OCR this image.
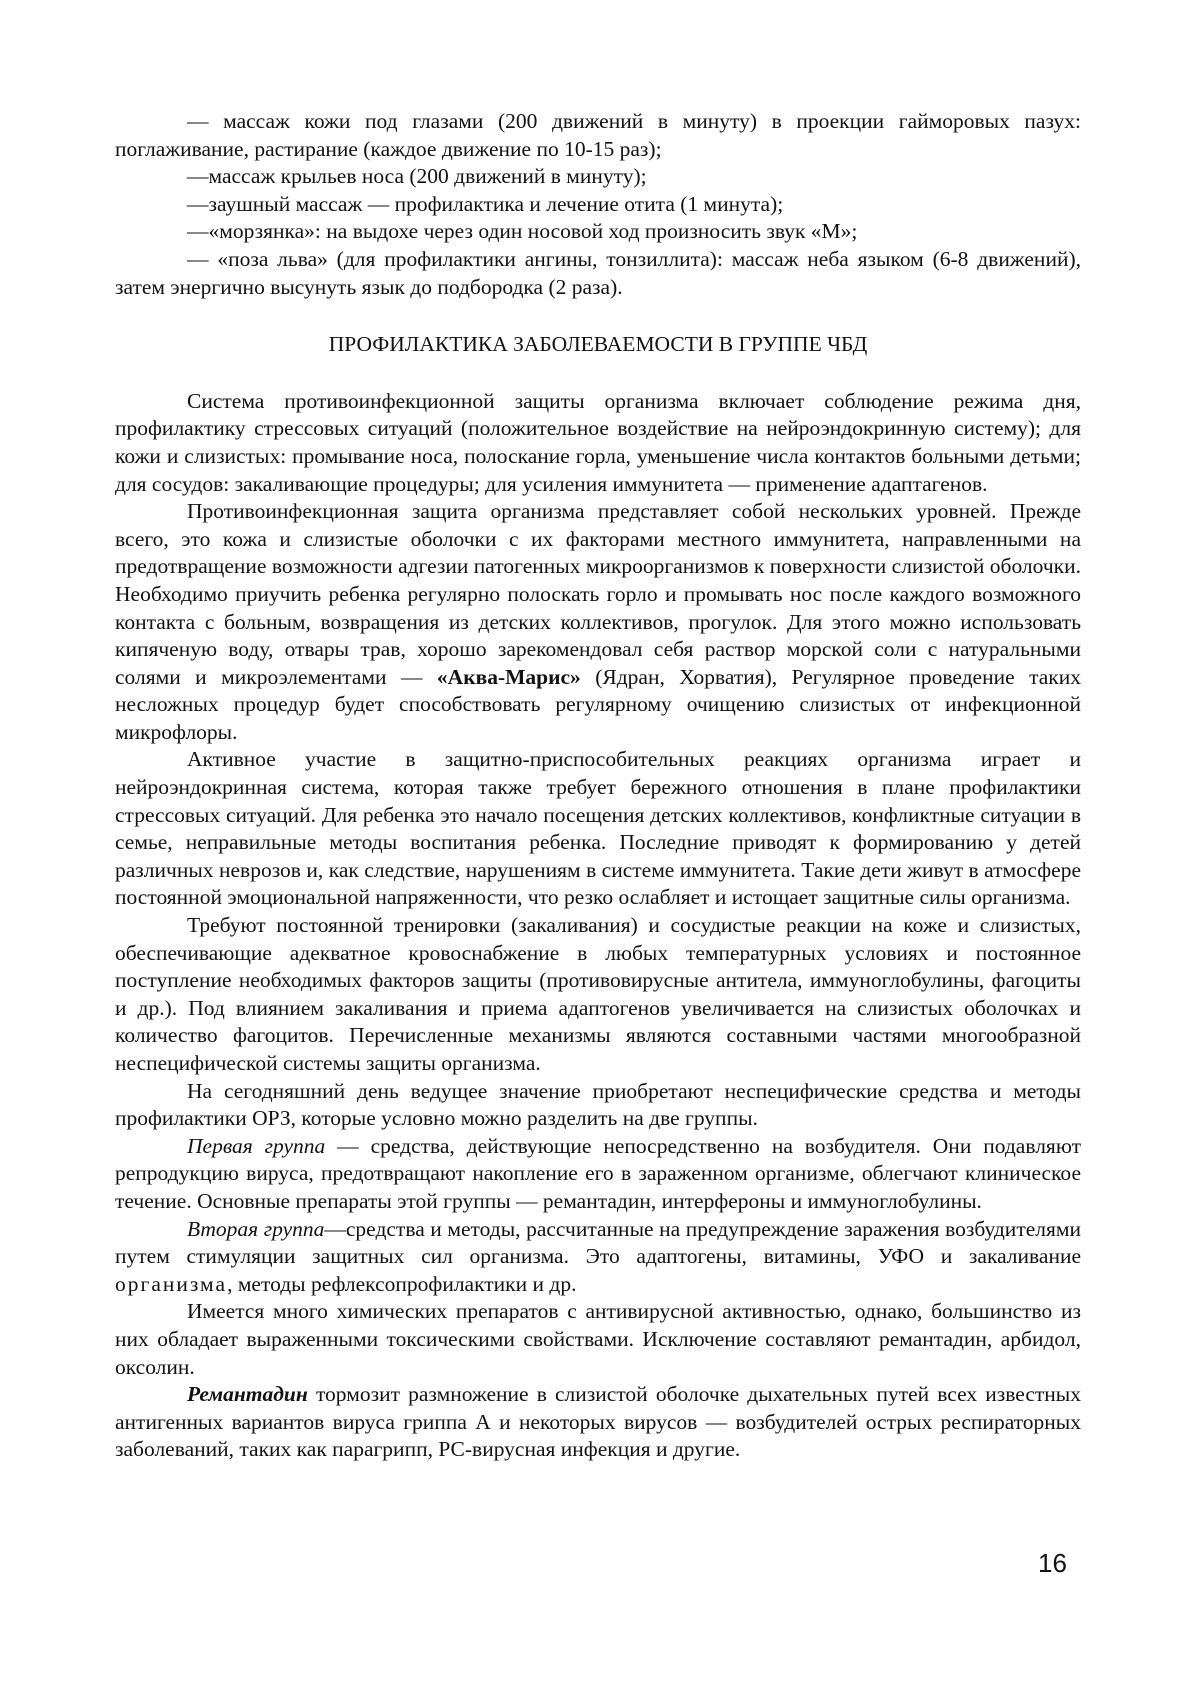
— массаж кожи под глазами (200 движений в минуту) в проекции гайморовых пазух: поглаживание, растирание (каждое движение по 10-15 раз);

—массаж крыльев носа (200 движений в минуту);

—заушный массаж — профилактика и лечение отита (1 минута);

—«морзянка»: на выдохе через один носовой ход произносить звук «М»;

— «поза льва» (для профилактики ангины, тонзиллита): массаж неба языком (6-8 движений), затем энергично высунуть язык до подбородка (2 раза).

ПРОФИЛАКТИКА ЗАБОЛЕВАЕМОСТИ В ГРУППЕ ЧБД

Система противоинфекционной защиты организма включает соблюдение режима дня, профилактику стрессовых ситуаций (положительное воздействие на нейроэндокринную систему); для кожи и слизистых: промывание носа, полоскание горла, уменьшение числа контактов больными детьми; для сосудов: закаливающие процедуры; для усиления иммунитета — применение адаптагенов.

Противоинфекционная защита организма представляет собой нескольких уровней. Прежде всего, это кожа и слизистые оболочки с их факторами местного иммунитета, направленными на предотвращение возможности адгезии патогенных микроорганизмов к поверхности слизистой оболочки. Необходимо приучить ребенка регулярно полоскать горло и промывать нос после каждого возможного контакта с больным, возвращения из детских коллективов, прогулок. Для этого можно использовать кипяченую воду, отвары трав, хорошо зарекомендовал себя раствор морской соли с натуральными солями и микроэлементами — «Аква-Марис» (Ядран, Хорватия), Регулярное проведение таких несложных процедур будет способствовать регулярному очищению слизистых от инфекционной микрофлоры.

Активное участие в защитно-приспособительных реакциях организма играет и нейроэндокринная система, которая также требует бережного отношения в плане профилактики стрессовых ситуаций. Для ребенка это начало посещения детских коллективов, конфликтные ситуации в семье, неправильные методы воспитания ребенка. Последние приводят к формированию у детей различных неврозов и, как следствие, нарушениям в системе иммунитета. Такие дети живут в атмосфере постоянной эмоциональной напряженности, что резко ослабляет и истощает защитные силы организма.

Требуют постоянной тренировки (закаливания) и сосудистые реакции на коже и слизистых, обеспечивающие адекватное кровоснабжение в любых температурных условиях и постоянное поступление необходимых факторов защиты (противовирусные антитела, иммуноглобулины, фагоциты и др.). Под влиянием закаливания и приема адаптогенов увеличивается на слизистых оболочках и количество фагоцитов. Перечисленные механизмы являются составными частями многообразной неспецифической системы защиты организма.

На сегодняшний день ведущее значение приобретают неспецифические средства и методы профилактики ОРЗ, которые условно можно разделить на две группы.

Первая группа — средства, действующие непосредственно на возбудителя. Они подавляют репродукцию вируса, предотвращают накопление его в зараженном организме, облегчают клиническое течение. Основные препараты этой группы — ремантадин, интерфероны и иммуноглобулины.

Вторая группа—средства и методы, рассчитанные на предупреждение заражения возбудителями путем стимуляции защитных сил организма. Это адаптогены, витамины, УФО и закаливание организма, методы рефлексопрофилактики и др.

Имеется много химических препаратов с антивирусной активностью, однако, большинство из них обладает выраженными токсическими свойствами. Исключение составляют ремантадин, арбидол, оксолин.

Ремантадин тормозит размножение в слизистой оболочке дыхательных путей всех известных антигенных вариантов вируса гриппа А и некоторых вирусов — возбудителей острых респираторных заболеваний, таких как парагрипп, РС-вирусная инфекция и другие.

16
